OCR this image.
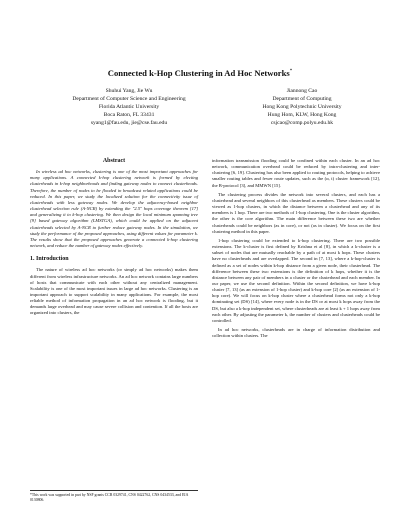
Connected k-Hop Clustering in Ad Hoc Networks*
Shuhui Yang, Jie Wu
Department of Computer Science and Engineering
Florida Atlantic University
Boca Raton, FL 33431
syang1@fau.edu, jie@cse.fau.edu
Jiannong Cao
Department of Computing
Hong Kong Polytechnic University
Hung Hom, KLW, Hong Kong
csjcao@comp.polyu.edu.hk
Abstract

In wireless ad hoc networks, clustering is one of the most important approaches for many applications. A connected k-hop clustering network is formed by electing clusterheads in k-hop neighborhoods and finding gateway nodes to connect clusterheads. Therefore, the number of nodes to be flooded in broadcast related applications could be reduced. In this paper, we study the localized solution for the connectivity issue of clusterheads with less gateway nodes. We develop the adjacency-based neighbor clusterhead selection rule (A-NCR) by extending the "2.5" hops coverage theorem [17] and generalizing it to k-hop clustering. We then design the local minimum spanning tree [9] based gateway algorithm (LMSTGA), which could be applied on the adjacent clusterheads selected by A-NCR to further reduce gateway nodes. In the simulation, we study the performance of the proposed approaches, using different values for parameter k. The results show that the proposed approaches generate a connected k-hop clustering network, and reduce the number of gateway nodes effectively.

1. Introduction

The nature of wireless ad hoc networks (or simply ad hoc networks) makes them different from wireless infrastructure networks. An ad hoc network contains large numbers of hosts that communicate with each other without any centralized management. Scalability is one of the most important issues in large ad hoc networks. Clustering is an important approach to support scalability in many applications. For example, the most reliable method of information propagation in an ad hoc network is flooding, but it demands large overhead and may cause severe collision and contention. If all the hosts are organized into clusters, the

*This work was supported in part by NSF grants CCR 0329741, CNS 0422762, CNS 0434533, and EIA 0130806.

information transmission flooding could be confined within each cluster. In an ad hoc network, communication overhead could be reduced by intra-clustering and inter-clustering [6, 19]. Clustering has also been applied to routing protocols, helping to achieve smaller routing tables and fewer route updates, such as the (α, t) cluster framework [12], the B-protocol [3], and MMWN [15].

The clustering process divides the network into several clusters, and each has a clusterhead and several neighbors of this clusterhead as members. These clusters could be viewed as 1-hop clusters, in which the distance between a clusterhead and any of its members is 1 hop. There are two methods of 1-hop clustering. One is the cluster algorithm, the other is the core algorithm. The main difference between these two are whether clusterheads could be neighbors (as in core), or not (as in cluster). We focus on the first clustering method in this paper.

1-hop clustering could be extended to k-hop clustering. There are two possible extensions. The k-cluster is first defined by Krishna et al [8], in which a k-cluster is a subset of nodes that are mutually reachable by a path of at most k hops. These clusters have no clusterheads and are overlapped. The second in [7, 13], where a k-hop-cluster is defined as a set of nodes within k-hop distance from a given node, their clusterhead. The difference between these two extensions is the definition of k hops, whether it is the distance between any pair of members in a cluster or the clusterhead and each member. In our paper, we use the second definition. Within the second definition, we have k-hop cluster [7, 13] (as an extension of 1-hop cluster) and k-hop core [2] (as an extension of 1-hop core). We will focus on k-hop cluster where a clusterhead forms not only a k-hop dominating set (DS) [14], where every node is in the DS or at most k hops away from the DS, but also a k-hop independent set, where clusterheads are at least k + 1 hops away from each other. By adjusting the parameter k, the number of clusters and clusterheads could be controlled.

In ad hoc networks, clusterheads are in charge of information distribution and collection within clusters. The
